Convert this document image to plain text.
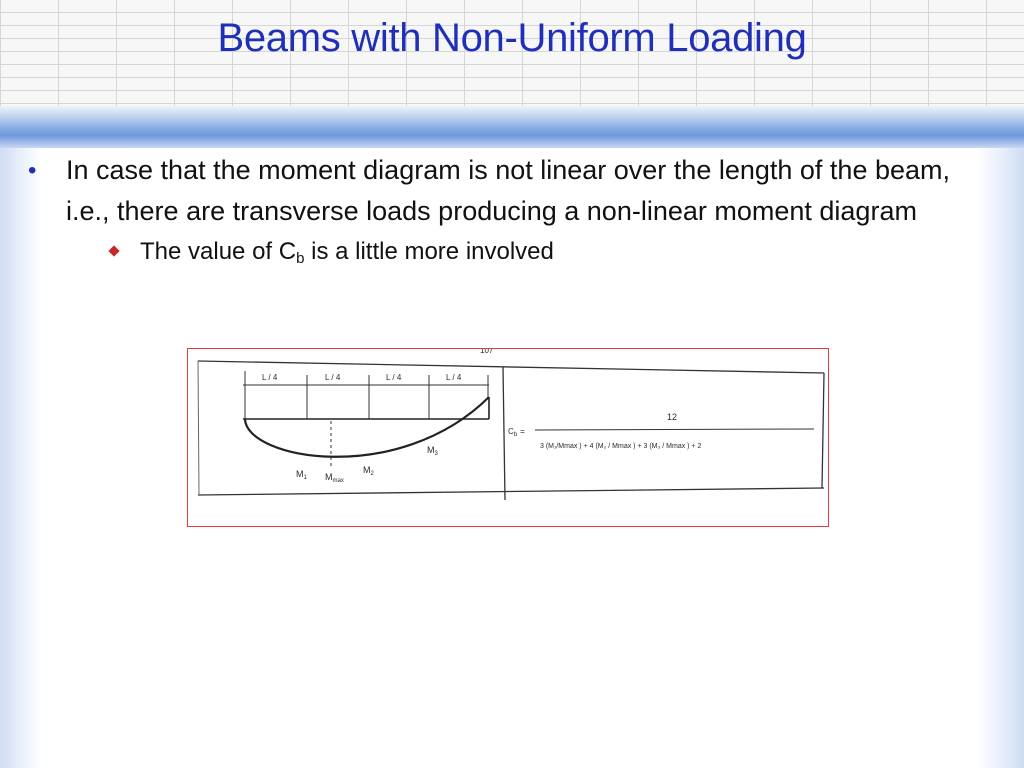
Beams with Non-Uniform Loading

• In case that the moment diagram is not linear over the length of the beam, i.e., there are transverse loads producing a non-linear moment diagram

The value of $C_b$ is a little more involved
107
L / 4	L / 4	L / 4	L / 4
$M_1$ $M_{max}$
$M_2$
$M_3$
$C_b$ =
12
3 (M₁/Mmax ) + 4 (M₂ / Mmax ) + 3 (M₃ / Mmax ) + 2
